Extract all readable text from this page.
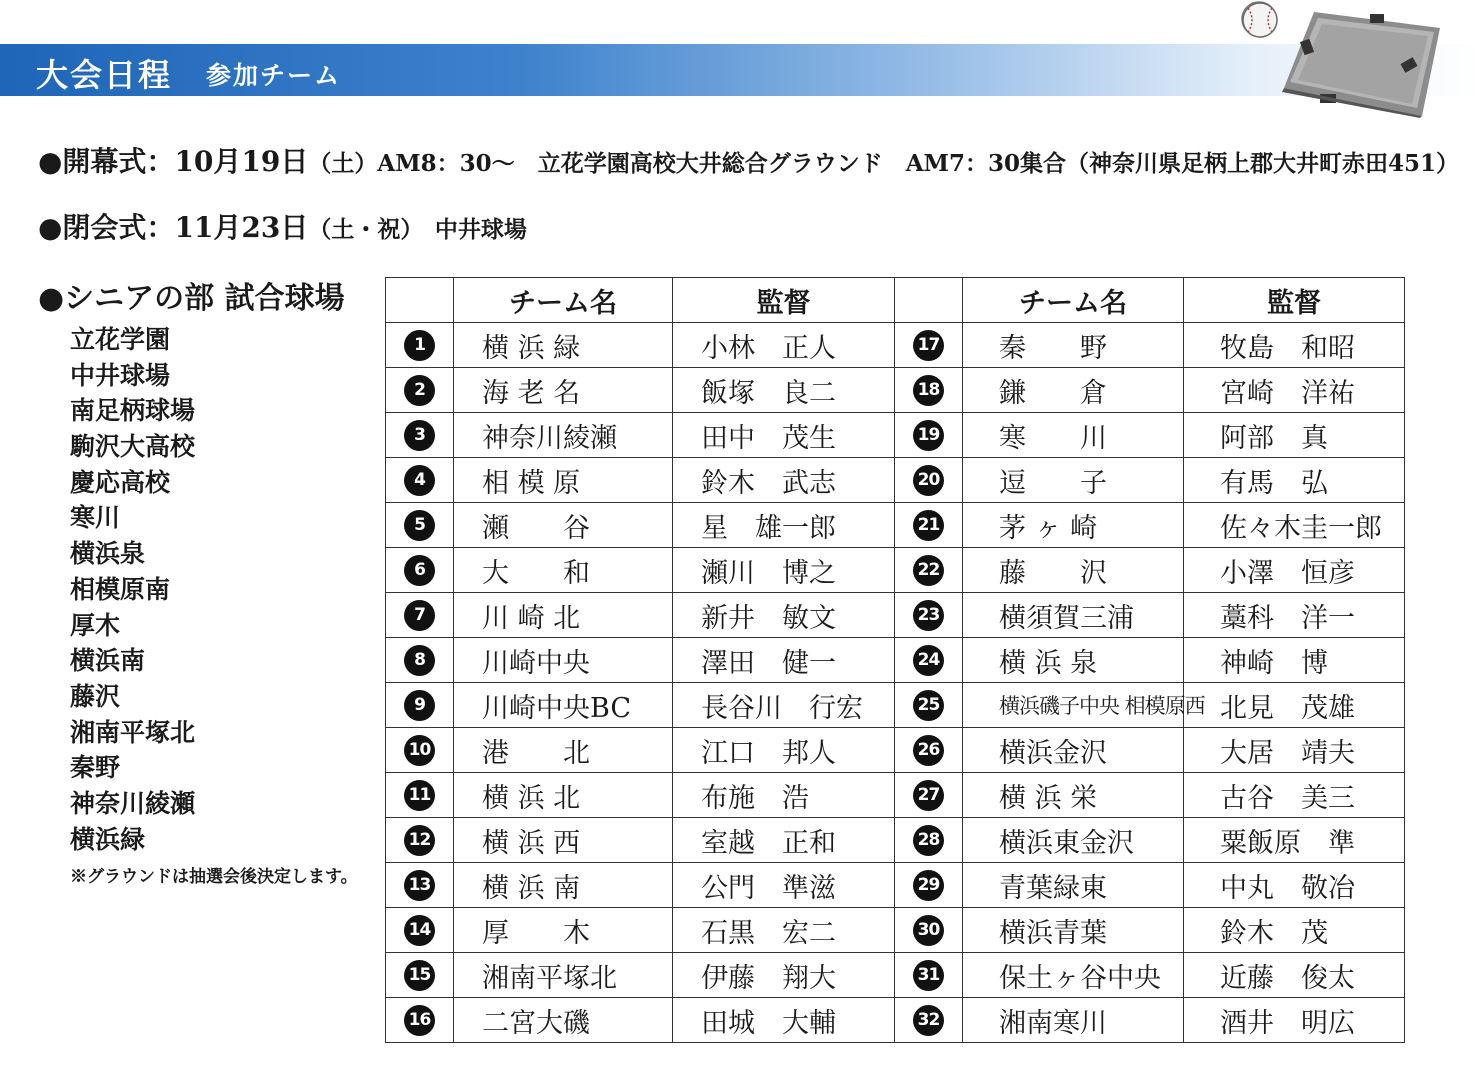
大会日程 参加チーム
●開幕式：10月19日（土）AM8：30～　立花学園高校大井総合グラウンド　AM7：30集合（神奈川県足柄上郡大井町赤田451）
●閉会式：11月23日（土・祝）　中井球場
●シニアの部 試合球場
立花学園
中井球場
南足柄球場
駒沢大高校
慶応高校
寒川
横浜泉
相模原南
厚木
横浜南
藤沢
湘南平塚北
秦野
神奈川綾瀬
横浜緑
※グラウンドは抽選会後決定します。
	チーム名	監督		チーム名	監督
1	横 浜 緑	小林　正人	17	秦　　野	牧島　和昭
2	海 老 名	飯塚　良二	18	鎌　　倉	宮崎　洋祐
3	神奈川綾瀬	田中　茂生	19	寒　　川	阿部　真
4	相 模 原	鈴木　武志	20	逗　　子	有馬　弘
5	瀬　　谷	星　雄一郎	21	茅 ヶ 崎	佐々木圭一郎
6	大　　和	瀬川　博之	22	藤　　沢	小澤　恒彦
7	川 崎 北	新井　敏文	23	横須賀三浦	藁科　洋一
8	川崎中央	澤田　健一	24	横 浜 泉	神崎　博
9	川崎中央BC	長谷川　行宏	25	横浜磯子中央 相模原西	北見　茂雄
10	港　　北	江口　邦人	26	横浜金沢	大居　靖夫
11	横 浜 北	布施　浩	27	横 浜 栄	古谷　美三
12	横 浜 西	室越　正和	28	横浜東金沢	粟飯原　準
13	横 浜 南	公門　準滋	29	青葉緑東	中丸　敬冶
14	厚　　木	石黒　宏二	30	横浜青葉	鈴木　茂
15	湘南平塚北	伊藤　翔大	31	保土ヶ谷中央	近藤　俊太
16	二宮大磯	田城　大輔	32	湘南寒川	酒井　明広
